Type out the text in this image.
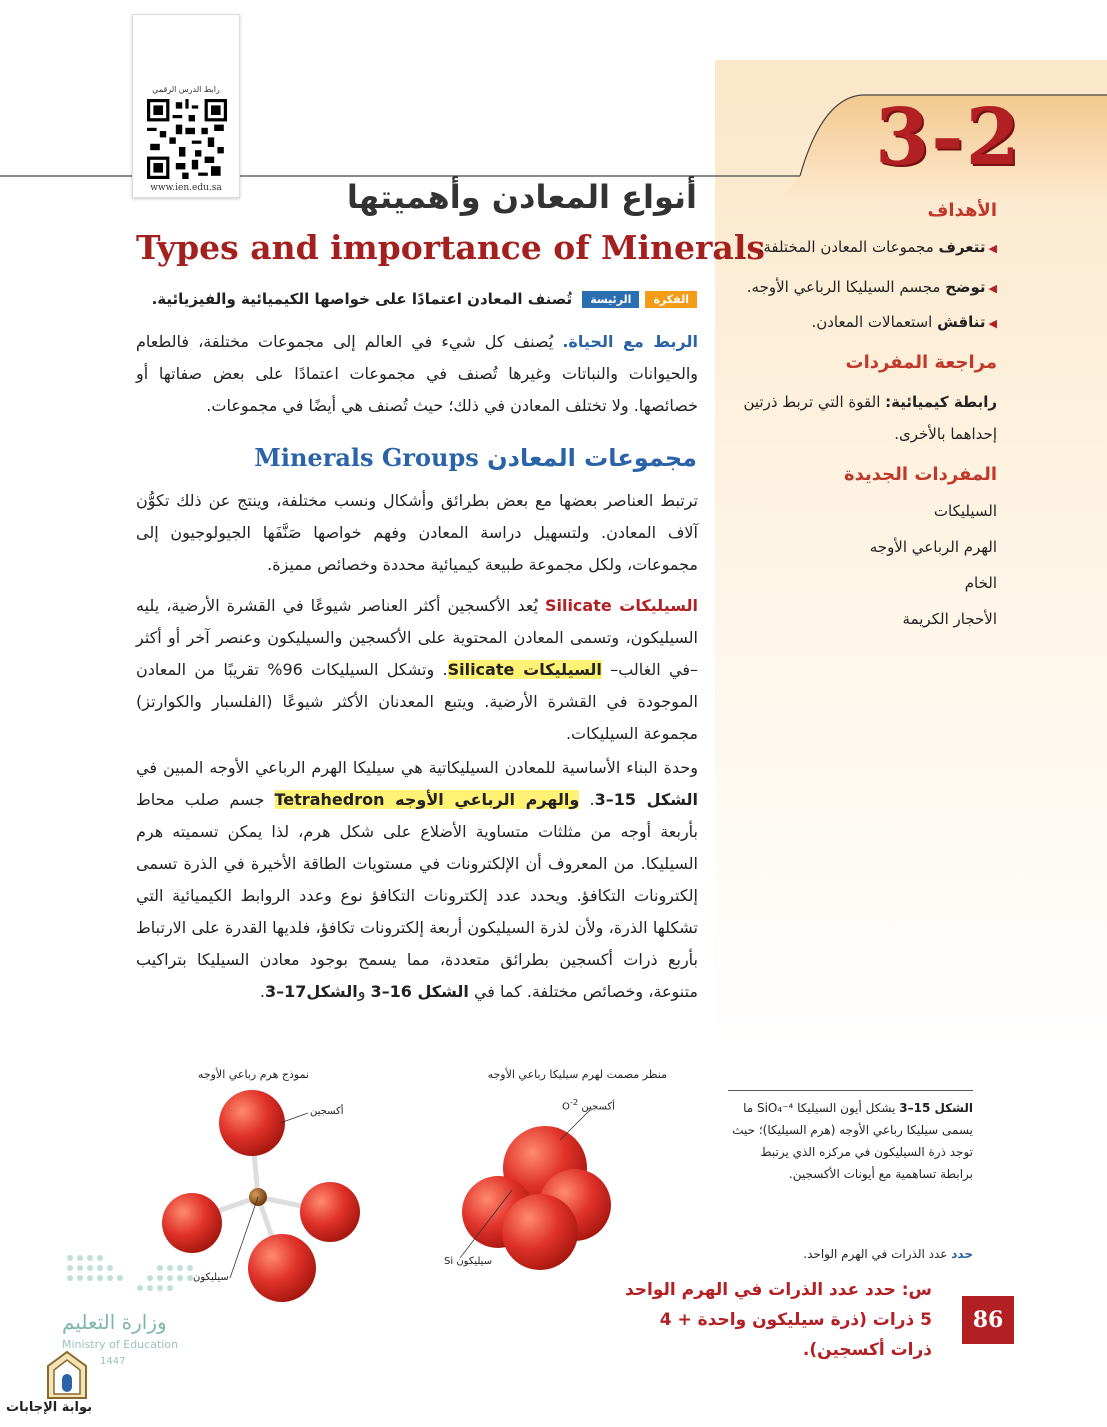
3-2
رابط الدرس الرقمي
www.ien.edu.sa	أنواع المعادن وأهميتها
Types and importance of Minerals
الفكرة
الرئيسة
تُصنف المعادن اعتمادًا على خواصها الكيميائية والفيزيائية.
الربط مع الحياة. يُصنف كل شيء في العالم إلى مجموعات مختلفة، فالطعام والحيوانات والنباتات وغيرها تُصنف في مجموعات اعتمادًا على بعض صفاتها أو خصائصها. ولا تختلف المعادن في ذلك؛ حيث تُصنف هي أيضًا في مجموعات.
مجموعات المعادن Minerals Groups
ترتبط العناصر بعضها مع بعض بطرائق وأشكال ونسب مختلفة، وينتج عن ذلك تكوُّن آلاف المعادن. ولتسهيل دراسة المعادن وفهم خواصها صَنَّفَها الجيولوجيون إلى مجموعات، ولكل مجموعة طبيعة كيميائية محددة وخصائص مميزة.
السيليكات Silicate يُعد الأكسجين أكثر العناصر شيوعًا في القشرة الأرضية، يليه السيليكون، وتسمى المعادن المحتوية على الأكسجين والسيليكون وعنصر آخر أو أكثر –في الغالب– السيليكات Silicate. وتشكل السيليكات 96% تقريبًا من المعادن الموجودة في القشرة الأرضية. ويتبع المعدنان الأكثر شيوعًا (الفلسبار والكوارتز) مجموعة السيليكات.
وحدة البناء الأساسية للمعادن السيليكاتية هي سيليكا الهرم الرباعي الأوجه المبين في الشكل 15–3. والهرم الرباعي الأوجه Tetrahedron جسم صلب محاط بأربعة أوجه من مثلثات متساوية الأضلاع على شكل هرم، لذا يمكن تسميته هرم السيليكا. من المعروف أن الإلكترونات في مستويات الطاقة الأخيرة في الذرة تسمى إلكترونات التكافؤ. ويحدد عدد إلكترونات التكافؤ نوع وعدد الروابط الكيميائية التي تشكلها الذرة، ولأن لذرة السيليكون أربعة إلكترونات تكافؤ، فلديها القدرة على الارتباط بأربع ذرات أكسجين بطرائق متعددة، مما يسمح بوجود معادن السيليكا بتراكيب متنوعة، وخصائص مختلفة. كما في الشكل 16–3 والشكل17–3.
الأهداف
◀تتعرف مجموعات المعادن المختلفة.
◀توضح مجسم السيليكا الرباعي الأوجه.
◀تناقش استعمالات المعادن.
مراجعة المفردات
رابطة كيميائية: القوة التي تربط ذرتين
إحداهما بالأخرى.
المفردات الجديدة
السيليكات
الهرم الرباعي الأوجه
الخام
الأحجار الكريمة
نموذج هرم رباعي الأوجه	منظر مصمت لهرم سيليكا رباعي الأوجه
أكسجين
سيليكون
أكسجين $O^{-2}$
سيليكون Si
الشكل 15–3 يشكل أيون السيليكا SiO₄⁻⁴ ما يسمى سيليكا رباعي الأوجه (هرم السيليكا)؛ حيث توجد ذرة السيليكون في مركزه الذي يرتبط برابطة تساهمية مع أيونات الأكسجين.
حدد عدد الذرات في الهرم الواحد.
س: حدد عدد الذرات في الهرم الواحد
5 ذرات (ذرة سيليكون واحدة + 4 ذرات أكسجين).
86
وزارة التعليم
Ministry of Education
1447
بوابة الإجابات
